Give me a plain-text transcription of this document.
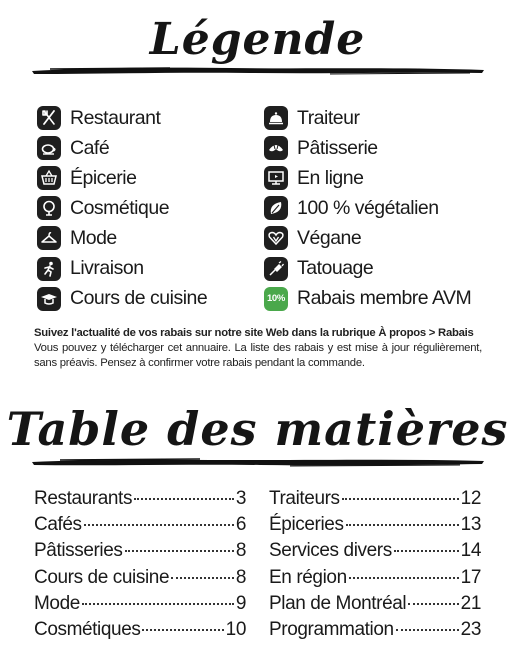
Légende
Restaurant
Café
Épicerie
Cosmétique
Mode
Livraison
Cours de cuisine
Traiteur
Pâtisserie
En ligne
100 % végétalien
Végane
Tatouage
10% Rabais membre AVM
Suivez l'actualité de vos rabais sur notre site Web dans la rubrique À propos > Rabais
Vous pouvez y télécharger cet annuaire. La liste des rabais y est mise à jour régulièrement, sans préavis. Pensez à confirmer votre rabais pendant la commande.
Table des matières
Restaurants	3
Cafés	6
Pâtisseries	8
Cours de cuisine	8
Mode	9
Cosmétiques	10
Traiteurs	12
Épiceries	13
Services divers	14
En région	17
Plan de Montréal	21
Programmation	23
